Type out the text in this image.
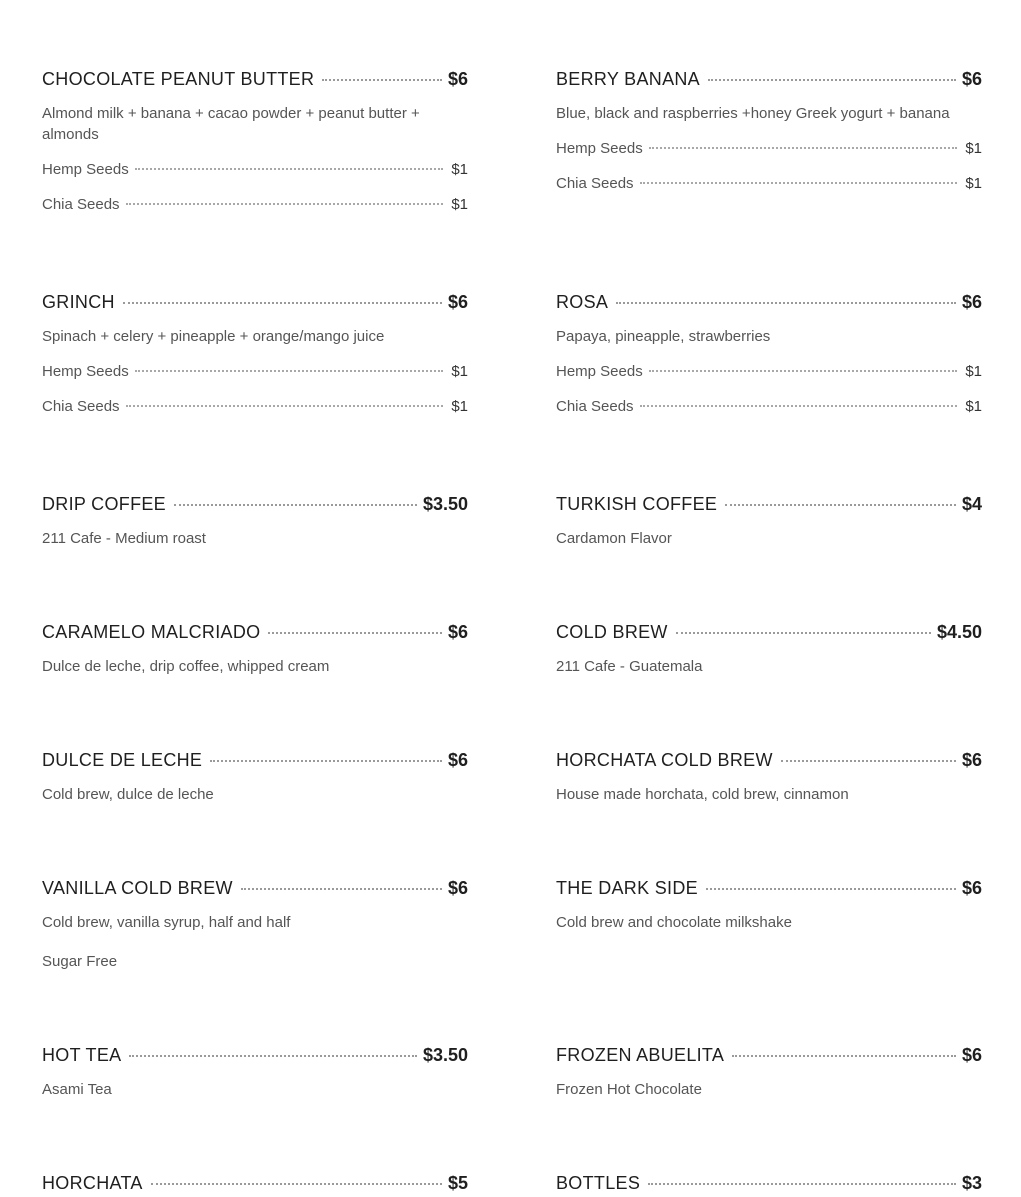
CHOCOLATE PEANUT BUTTER	$6
Almond milk + banana + cacao powder + peanut butter + almonds
Hemp Seeds	$1
Chia Seeds	$1
BERRY BANANA	$6
Blue, black and raspberries +honey Greek yogurt + banana
Hemp Seeds	$1
Chia Seeds	$1
GRINCH	$6
Spinach + celery + pineapple + orange/mango juice
Hemp Seeds	$1
Chia Seeds	$1
ROSA	$6
Papaya, pineapple, strawberries
Hemp Seeds	$1
Chia Seeds	$1
DRIP COFFEE	$3.50
211 Cafe - Medium roast
TURKISH COFFEE	$4
Cardamon Flavor
CARAMELO MALCRIADO	$6
Dulce de leche, drip coffee, whipped cream
COLD BREW	$4.50
211 Cafe - Guatemala
DULCE DE LECHE	$6
Cold brew, dulce de leche
HORCHATA COLD BREW	$6
House made horchata, cold brew, cinnamon
VANILLA COLD BREW	$6
Cold brew, vanilla syrup, half and half
Sugar Free
THE DARK SIDE	$6
Cold brew and chocolate milkshake
HOT TEA	$3.50
Asami Tea
FROZEN ABUELITA	$6
Frozen Hot Chocolate
HORCHATA	$5	BOTTLES	$3
